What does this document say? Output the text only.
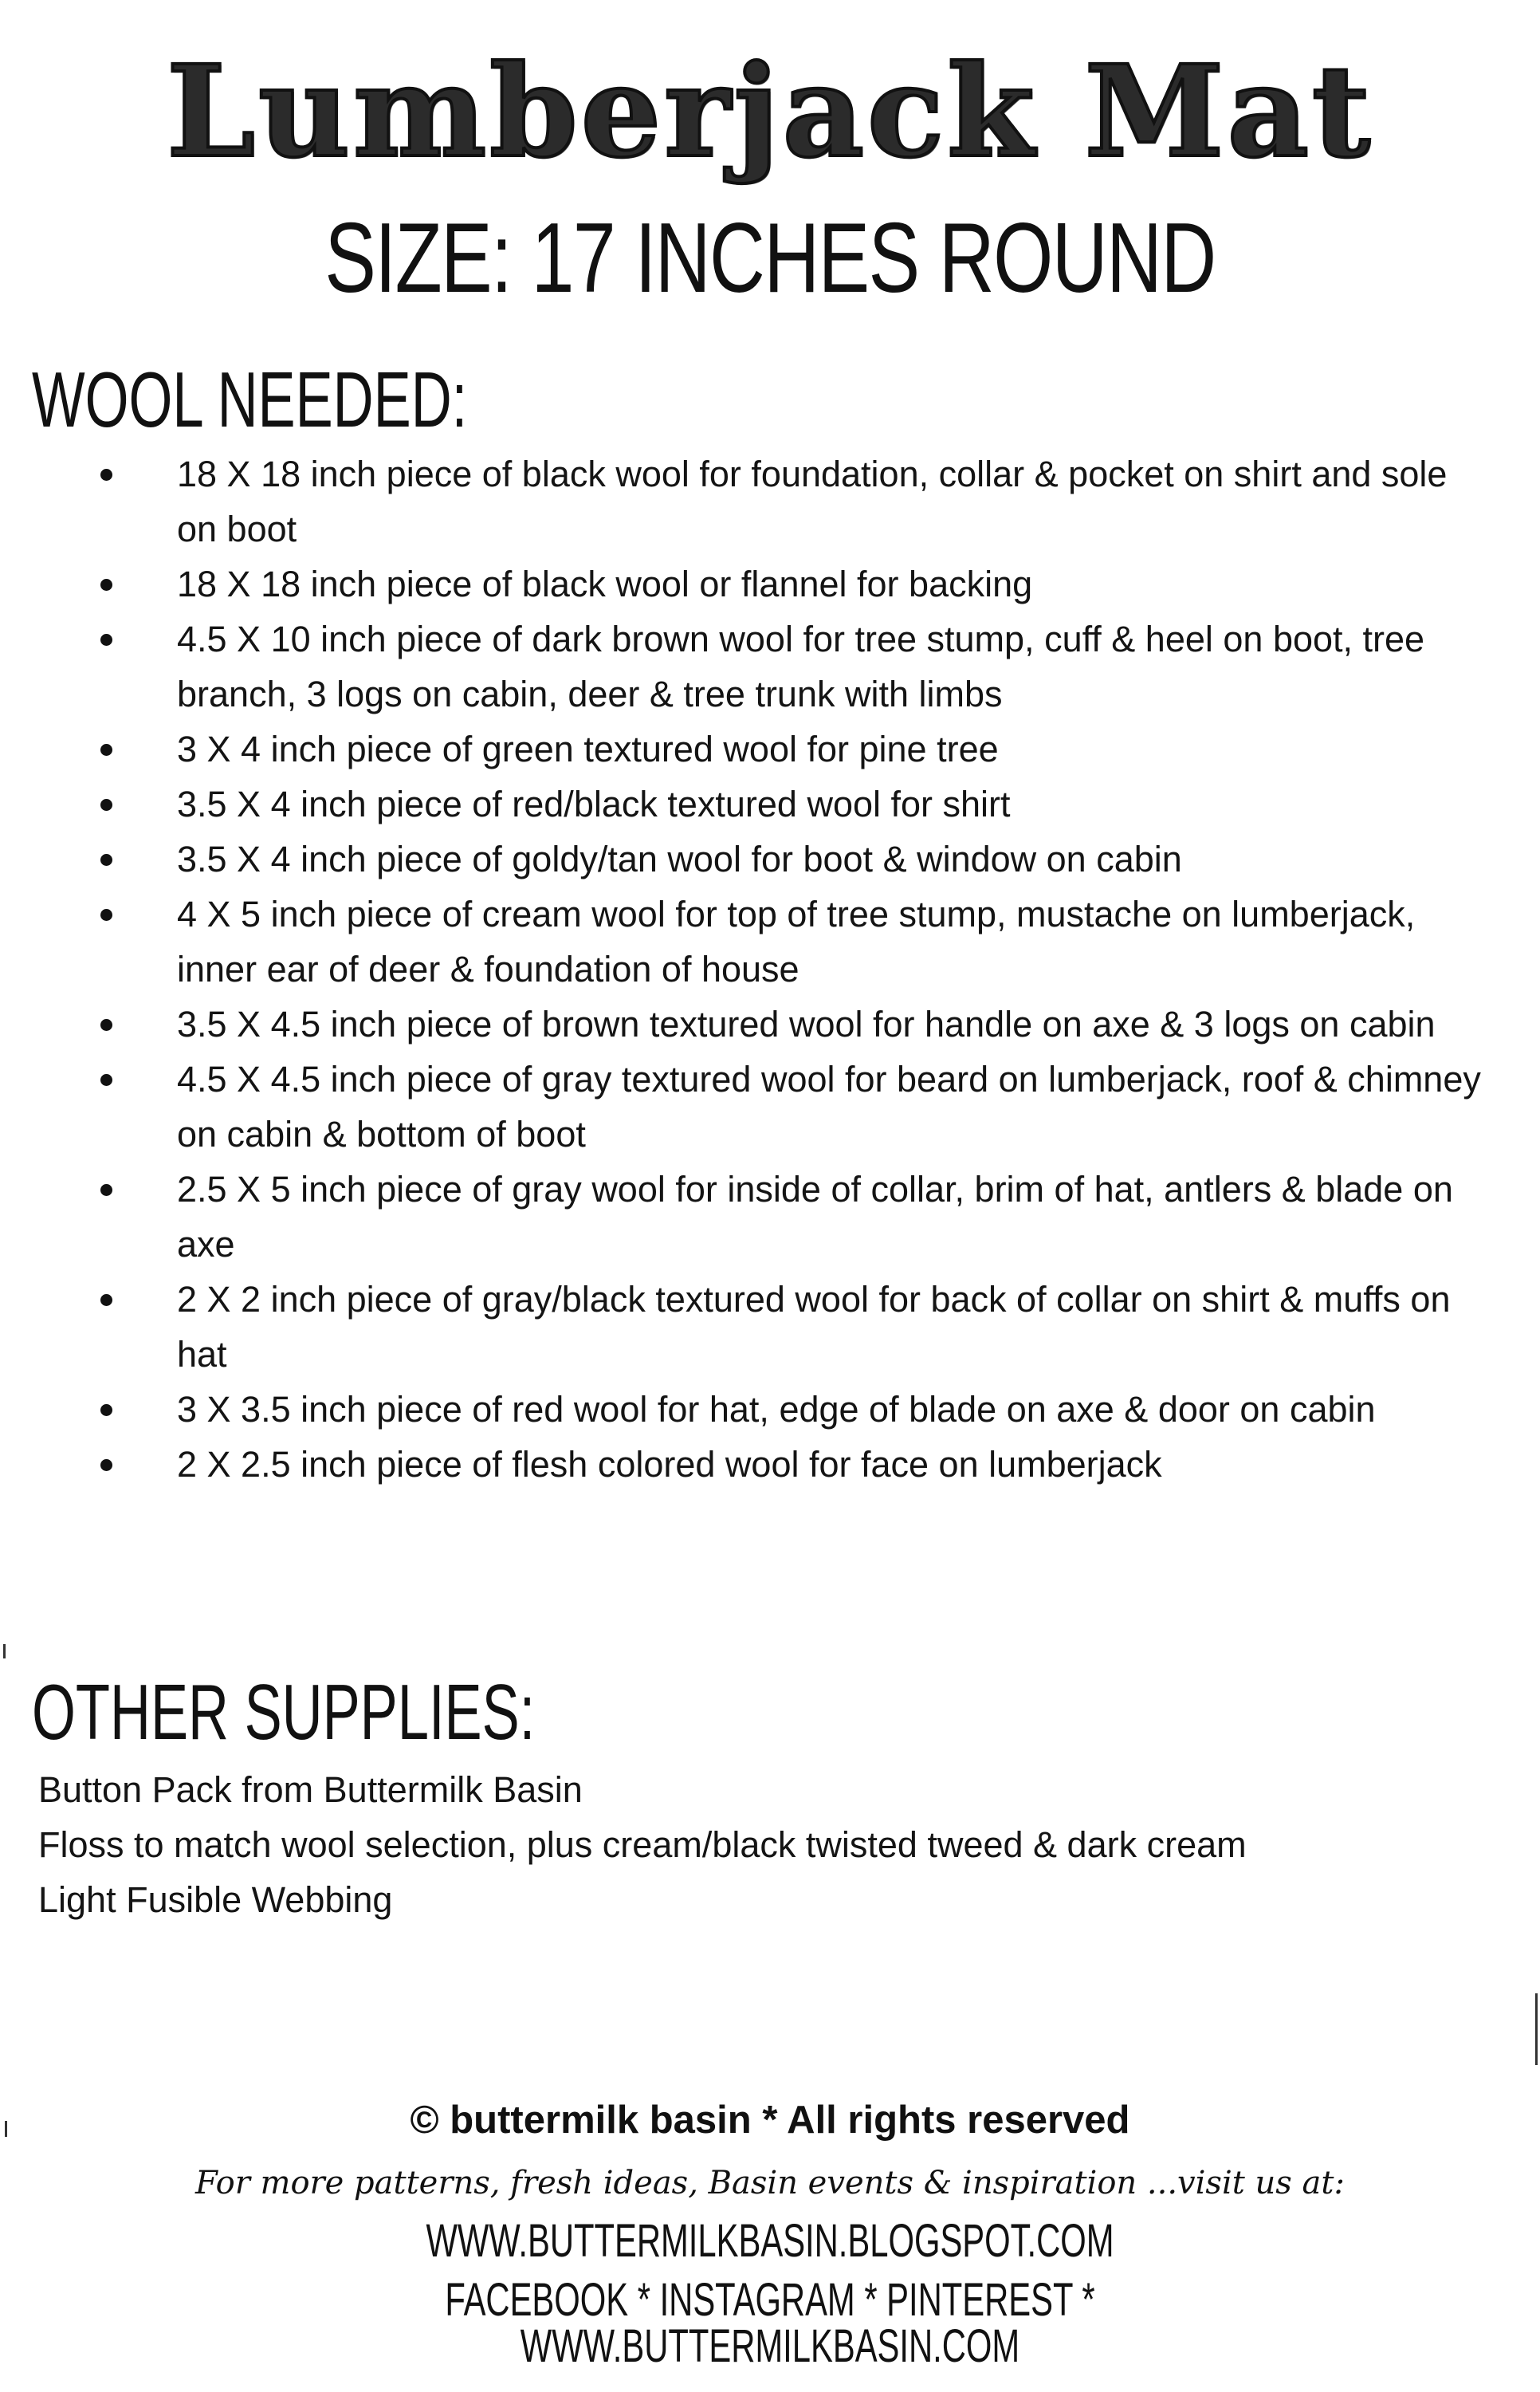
Lumberjack Mat
SIZE: 17 INCHES ROUND
WOOL NEEDED:
18 X 18 inch piece of black wool for foundation, collar & pocket on shirt and sole on boot
18 X 18 inch piece of black wool or flannel for backing
4.5 X 10 inch piece of dark brown wool for tree stump, cuff & heel on boot, tree branch, 3 logs on cabin, deer & tree trunk with limbs
3 X 4 inch piece of green textured wool for pine tree
3.5 X 4 inch piece of red/black textured wool for shirt
3.5 X 4 inch piece of goldy/tan wool for boot & window on cabin
4 X 5 inch piece of cream wool for top of tree stump, mustache on lumberjack, inner ear of deer & foundation of house
3.5 X 4.5 inch piece of brown textured wool for handle on axe & 3 logs on cabin
4.5 X 4.5 inch piece of gray textured wool for beard on lumberjack, roof & chimney on cabin & bottom of boot
2.5 X 5 inch piece of gray wool for inside of collar, brim of hat, antlers & blade on axe
2 X 2 inch piece of gray/black textured wool for back of collar on shirt & muffs on hat
3 X 3.5 inch piece of red wool for hat, edge of blade on axe & door on cabin
2 X 2.5 inch piece of flesh colored wool for face on lumberjack
OTHER SUPPLIES:
Button Pack from Buttermilk Basin
Floss to match wool selection, plus cream/black twisted tweed & dark cream
Light Fusible Webbing
© buttermilk basin * All rights reserved
For more patterns, fresh ideas, Basin events & inspiration ...visit us at:
WWW.BUTTERMILKBASIN.BLOGSPOT.COM
FACEBOOK * INSTAGRAM * PINTEREST * WWW.BUTTERMILKBASIN.COM
